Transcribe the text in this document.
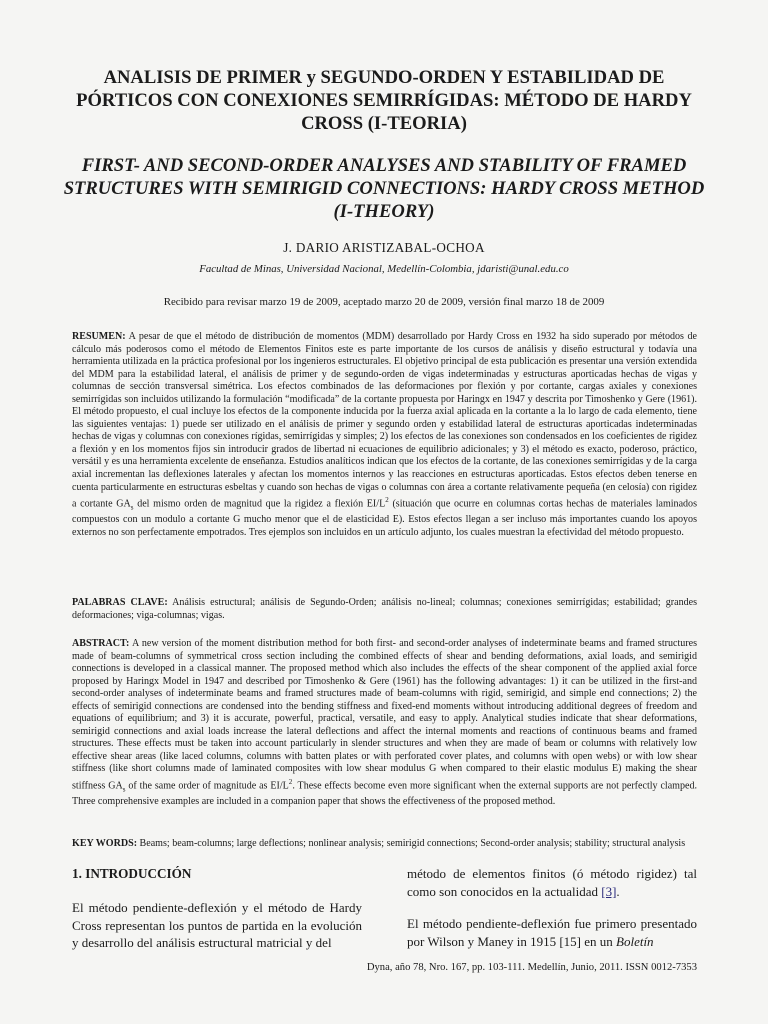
ANALISIS DE PRIMER y SEGUNDO-ORDEN Y ESTABILIDAD DE PÓRTICOS CON CONEXIONES SEMIRRÍGIDAS: MÉTODO DE HARDY CROSS (I-TEORIA)
FIRST- AND SECOND-ORDER ANALYSES AND STABILITY OF FRAMED STRUCTURES WITH SEMIRIGID CONNECTIONS: HARDY CROSS METHOD (I-THEORY)
J. DARIO ARISTIZABAL-OCHOA
Facultad de Minas, Universidad Nacional, Medellín-Colombia, jdaristi@unal.edu.co
Recibido para revisar marzo 19 de 2009, aceptado marzo 20 de 2009, versión final marzo 18 de 2009
RESUMEN: A pesar de que el método de distribución de momentos (MDM) desarrollado por Hardy Cross en 1932 ha sido superado por métodos de cálculo más poderosos como el método de Elementos Finitos este es parte importante de los cursos de análisis y diseño estructural y todavía una herramienta utilizada en la práctica profesional por los ingenieros estructurales. El objetivo principal de esta publicación es presentar una versión extendida del MDM para la estabilidad lateral, el análisis de primer y de segundo-orden de vigas indeterminadas y estructuras aporticadas hechas de vigas y columnas de sección transversal simétrica. Los efectos combinados de las deformaciones por flexión y por cortante, cargas axiales y conexiones semirrígidas son incluidos utilizando la formulación “modificada” de la cortante propuesta por Haringx en 1947 y descrita por Timoshenko y Gere (1961). El método propuesto, el cual incluye los efectos de la componente inducida por la fuerza axial aplicada en la cortante a la lo largo de cada elemento, tiene las siguientes ventajas: 1) puede ser utilizado en el análisis de primer y segundo orden y estabilidad lateral de estructuras aporticadas indeterminadas hechas de vigas y columnas con conexiones rígidas, semirrígidas y simples; 2) los efectos de las conexiones son condensados en los coeficientes de rigidez a flexión y en los momentos fijos sin introducir grados de libertad ni ecuaciones de equilibrio adicionales; y 3) el método es exacto, poderoso, práctico, versátil y es una herramienta excelente de enseñanza. Estudios analíticos indican que los efectos de la cortante, de las conexiones semirrígidas y de la carga axial incrementan las deflexiones laterales y afectan los momentos internos y las reacciones en estructuras aporticadas. Estos efectos deben tenerse en cuenta particularmente en estructuras esbeltas y cuando son hechas de vigas o columnas con área a cortante relativamente pequeña (en celosía) con rigidez a cortante $GA_s$ del mismo orden de magnitud que la rigidez a flexión $EI/L^2$ (situación que ocurre en columnas cortas hechas de materiales laminados compuestos con un modulo a cortante G mucho menor que el de elasticidad E). Estos efectos llegan a ser incluso más importantes cuando los apoyos externos no son perfectamente empotrados. Tres ejemplos son incluidos en un artículo adjunto, los cuales muestran la efectividad del método propuesto.
PALABRAS CLAVE: Análisis estructural; análisis de Segundo-Orden; análisis no-lineal; columnas; conexiones semirrígidas; estabilidad; grandes deformaciones; viga-columnas; vigas.
ABSTRACT: A new version of the moment distribution method for both first- and second-order analyses of indeterminate beams and framed structures made of beam-columns of symmetrical cross section including the combined effects of shear and bending deformations, axial loads, and semirigid connections is developed in a classical manner. The proposed method which also includes the effects of the shear component of the applied axial force proposed by Haringx Model in 1947 and described por Timoshenko & Gere (1961) has the following advantages: 1) it can be utilized in the first-and second-order analyses of indeterminate beams and framed structures made of beam-columns with rigid, semirigid, and simple end connections; 2) the effects of semirigid connections are condensed into the bending stiffness and fixed-end moments without introducing additional degrees of freedom and equations of equilibrium; and 3) it is accurate, powerful, practical, versatile, and easy to apply. Analytical studies indicate that shear deformations, semirigid connections and axial loads increase the lateral deflections and affect the internal moments and reactions of continuous beams and framed structures. These effects must be taken into account particularly in slender structures and when they are made of beam or columns with relatively low effective shear areas (like laced columns, columns with batten plates or with perforated cover plates, and columns with open webs) or with low shear stiffness (like short columns made of laminated composites with low shear modulus G when compared to their elastic modulus E) making the shear stiffness $GA_s$ of the same order of magnitude as $EI/L^2$. These effects become even more significant when the external supports are not perfectly clamped. Three comprehensive examples are included in a companion paper that shows the effectiveness of the proposed method.
KEY WORDS: Beams; beam-columns; large deflections; nonlinear analysis; semirigid connections; Second-order analysis; stability; structural analysis
1. INTRODUCCIÓN
El método pendiente-deflexión y el método de Hardy Cross representan los puntos de partida en la evolución y desarrollo del análisis estructural matricial y del
método de elementos finitos (ó método rigidez) tal como son conocidos en la actualidad [3].
El método pendiente-deflexión fue primero presentado por Wilson y Maney in 1915 [15] en un Boletín
Dyna, año 78, Nro. 167, pp. 103-111. Medellín, Junio, 2011. ISSN 0012-7353
